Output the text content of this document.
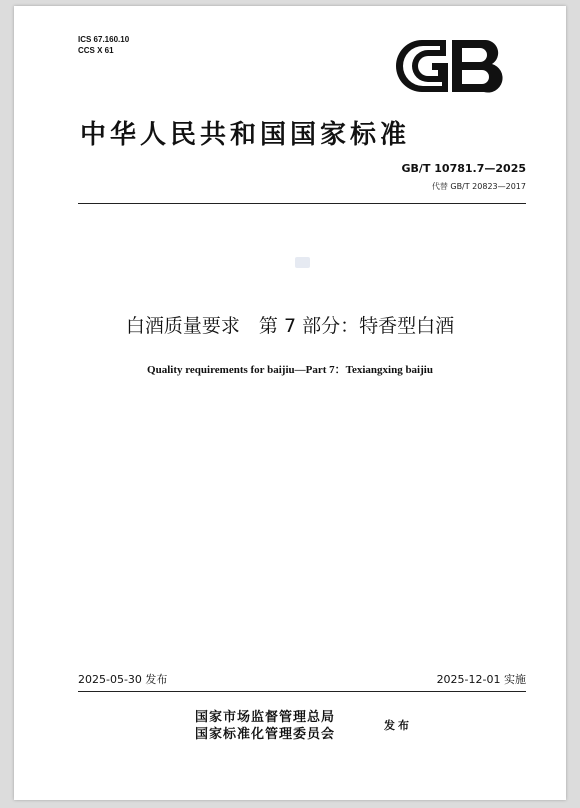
ICS 67.160.10
CCS X 61
中华人民共和国国家标准
GB/T 10781.7—2025
代替 GB/T 20823—2017
白酒质量要求　第 7 部分：特香型白酒
Quality requirements for baijiu—Part 7：Texiangxing baijiu
2025-05-30 发布	2025-12-01 实施
国家市场监督管理总局
国家标准化管理委员会
发布
